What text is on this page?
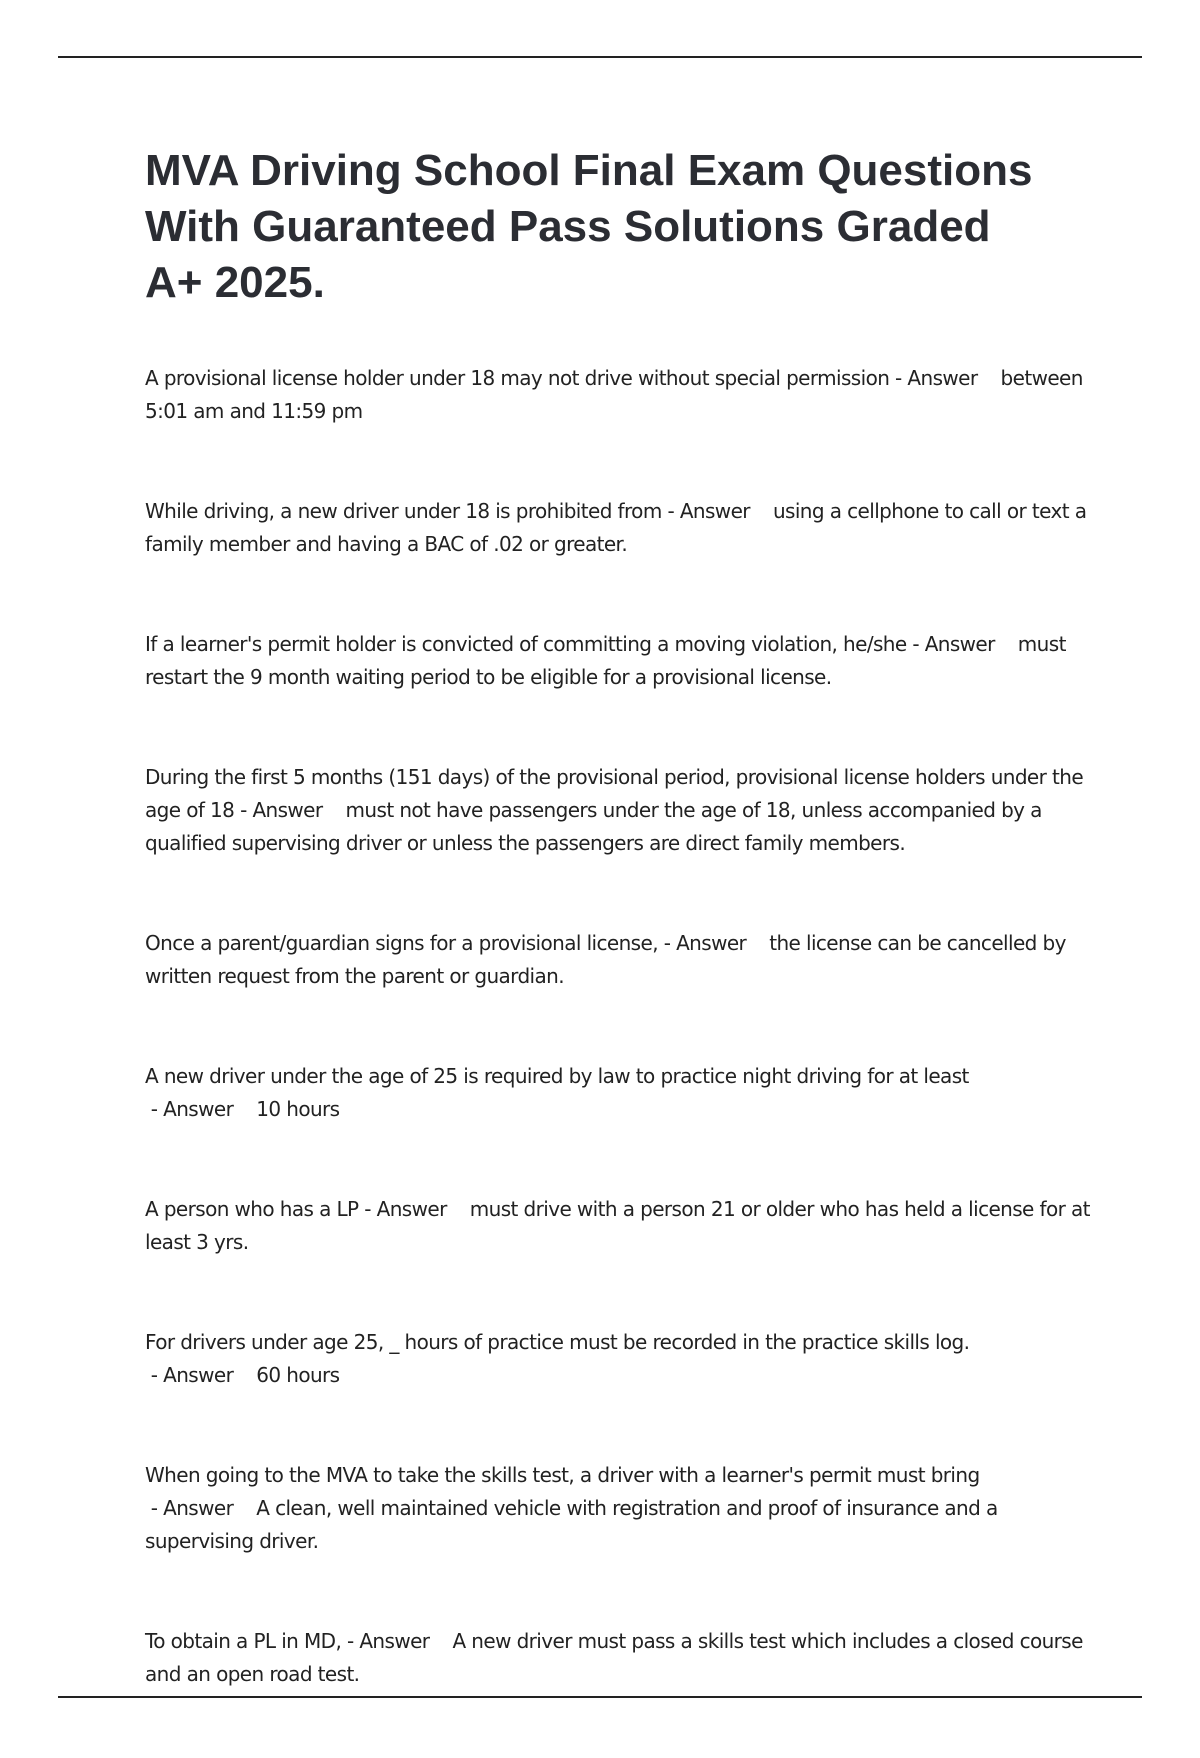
MVA Driving School Final Exam Questions With Guaranteed Pass Solutions Graded A+ 2025.
A provisional license holder under 18 may not drive without special permission - Answer    between 5:01 am and 11:59 pm
While driving, a new driver under 18 is prohibited from - Answer    using a cellphone to call or text a family member and having a BAC of .02 or greater.
If a learner's permit holder is convicted of committing a moving violation, he/she - Answer    must restart the 9 month waiting period to be eligible for a provisional license.
During the first 5 months (151 days) of the provisional period, provisional license holders under the age of 18 - Answer    must not have passengers under the age of 18, unless accompanied by a qualified supervising driver or unless the passengers are direct family members.
Once a parent/guardian signs for a provisional license, - Answer    the license can be cancelled by written request from the parent or guardian.
A new driver under the age of 25 is required by law to practice night driving for at least - Answer    10 hours
A person who has a LP - Answer    must drive with a person 21 or older who has held a license for at least 3 yrs.
For drivers under age 25, _ hours of practice must be recorded in the practice skills log. - Answer    60 hours
When going to the MVA to take the skills test, a driver with a learner's permit must bring - Answer    A clean, well maintained vehicle with registration and proof of insurance and a supervising driver.
To obtain a PL in MD, - Answer    A new driver must pass a skills test which includes a closed course and an open road test.
